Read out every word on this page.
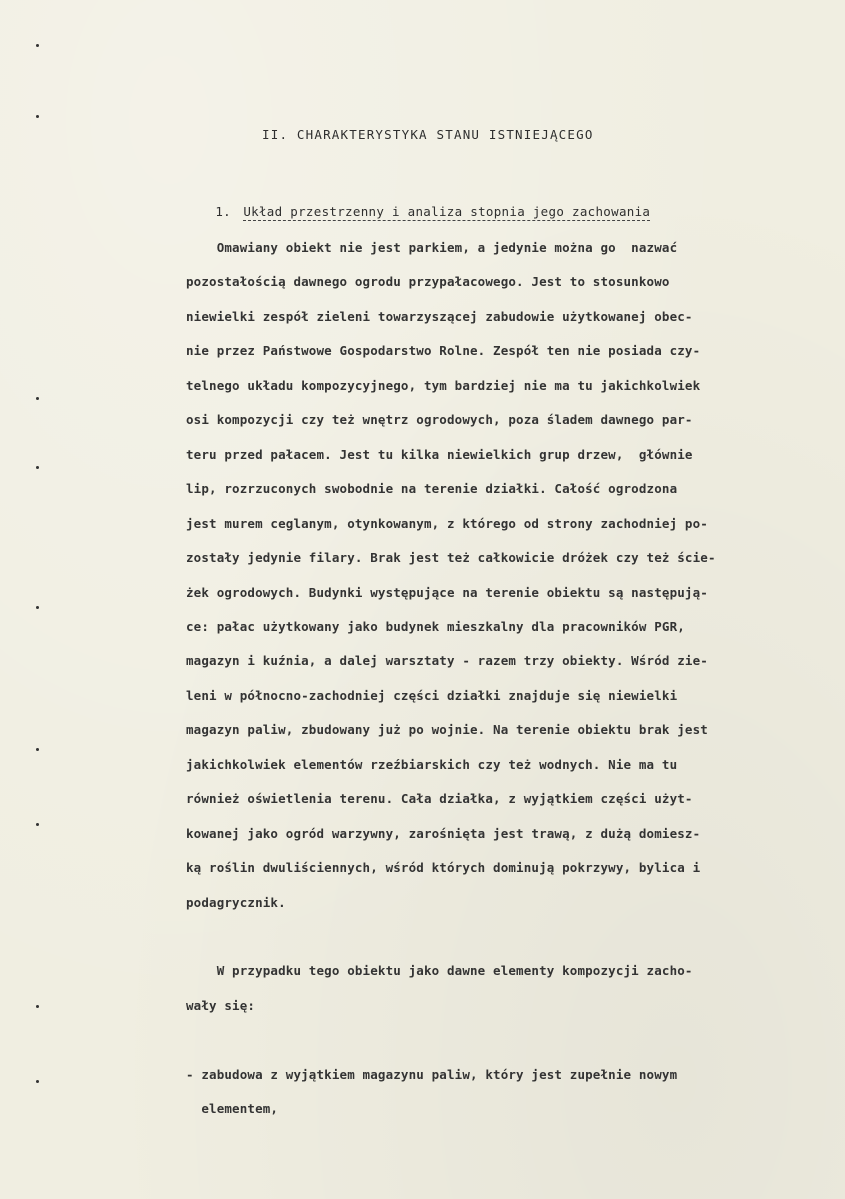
II. CHARAKTERYSTYKA STANU ISTNIEJĄCEGO

1. Układ przestrzenny i analiza stopnia jego zachowania

Omawiany obiekt nie jest parkiem, a jedynie można go  nazwać
pozostałością dawnego ogrodu przypałacowego. Jest to stosunkowo
niewielki zespół zieleni towarzyszącej zabudowie użytkowanej obec-
nie przez Państwowe Gospodarstwo Rolne. Zespół ten nie posiada czy-
telnego układu kompozycyjnego, tym bardziej nie ma tu jakichkolwiek
osi kompozycji czy też wnętrz ogrodowych, poza śladem dawnego par-
teru przed pałacem. Jest tu kilka niewielkich grup drzew,  głównie
lip, rozrzuconych swobodnie na terenie działki. Całość ogrodzona
jest murem ceglanym, otynkowanym, z którego od strony zachodniej po-
zostały jedynie filary. Brak jest też całkowicie dróżek czy też ście-
żek ogrodowych. Budynki występujące na terenie obiektu są następują-
ce: pałac użytkowany jako budynek mieszkalny dla pracowników PGR,
magazyn i kuźnia, a dalej warsztaty - razem trzy obiekty. Wśród zie-
leni w północno-zachodniej części działki znajduje się niewielki
magazyn paliw, zbudowany już po wojnie. Na terenie obiektu brak jest
jakichkolwiek elementów rzeźbiarskich czy też wodnych. Nie ma tu
również oświetlenia terenu. Cała działka, z wyjątkiem części użyt-
kowanej jako ogród warzywny, zarośnięta jest trawą, z dużą domiesz-
ką roślin dwuliściennych, wśród których dominują pokrzywy, bylica i
podagrycznik.
W przypadku tego obiektu jako dawne elementy kompozycji zacho-
wały się:
- zabudowa z wyjątkiem magazynu paliw, który jest zupełnie nowym
elementem,
